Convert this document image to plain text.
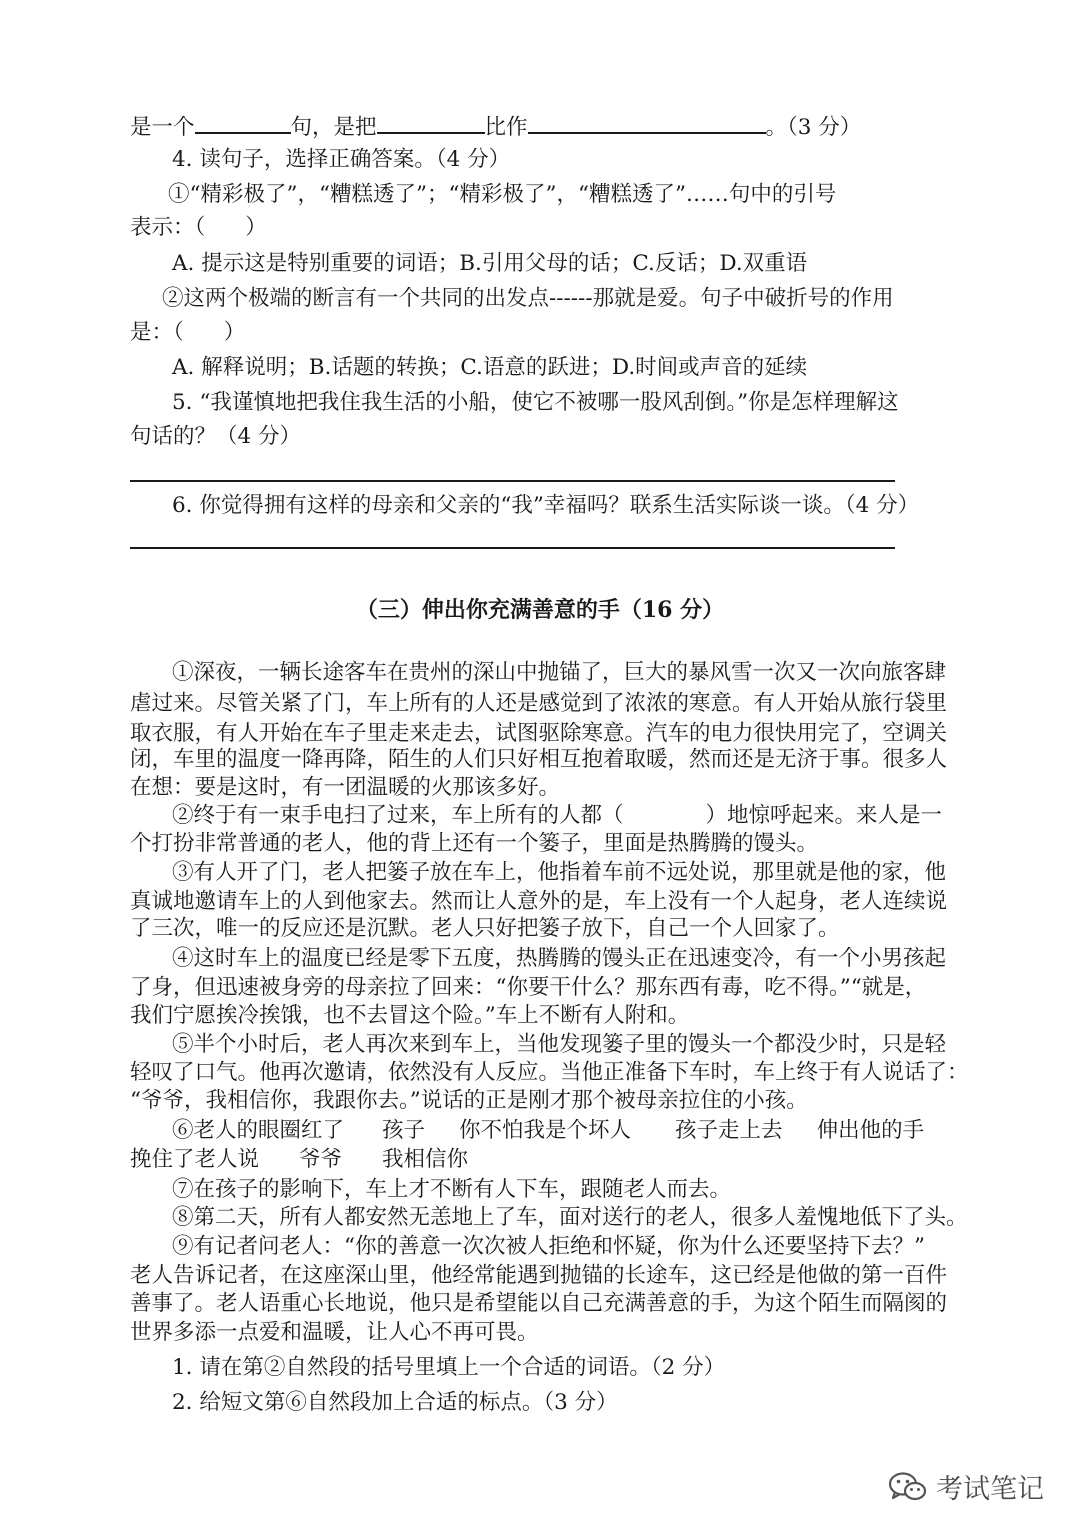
是一个	句，是把	比作	。（3 分）
4. 读句子，选择正确答案。（4 分）
①“精彩极了”，“糟糕透了”；“精彩极了”，“糟糕透了”……句中的引号
表示：（ ）
A. 提示这是特别重要的词语；B.引用父母的话；C.反话；D.双重语
②这两个极端的断言有一个共同的出发点------那就是爱。句子中破折号的作用
是：（ ）
A. 解释说明；B.话题的转换；C.语意的跃进；D.时间或声音的延续
5. “我谨慎地把我住我生活的小船，使它不被哪一股风刮倒。”你是怎样理解这
句话的？（4 分）
6. 你觉得拥有这样的母亲和父亲的“我”幸福吗？联系生活实际谈一谈。（4 分）
（三）伸出你充满善意的手（16 分）
①深夜，一辆长途客车在贵州的深山中抛锚了，巨大的暴风雪一次又一次向旅客肆
虐过来。尽管关紧了门，车上所有的人还是感觉到了浓浓的寒意。有人开始从旅行袋里
取衣服，有人开始在车子里走来走去，试图驱除寒意。汽车的电力很快用完了，空调关
闭，车里的温度一降再降，陌生的人们只好相互抱着取暖，然而还是无济于事。很多人
在想：要是这时，有一团温暖的火那该多好。
②终于有一束手电扫了过来，车上所有的人都（	）地惊呼起来。来人是一
个打扮非常普通的老人，他的背上还有一个篓子，里面是热腾腾的馒头。
③有人开了门，老人把篓子放在车上，他指着车前不远处说，那里就是他的家，他
真诚地邀请车上的人到他家去。然而让人意外的是，车上没有一个人起身，老人连续说
了三次，唯一的反应还是沉默。老人只好把篓子放下，自己一个人回家了。
④这时车上的温度已经是零下五度，热腾腾的馒头正在迅速变冷，有一个小男孩起
了身，但迅速被身旁的母亲拉了回来：“你要干什么？那东西有毒，吃不得。”“就是，
我们宁愿挨冷挨饿，也不去冒这个险。”车上不断有人附和。
⑤半个小时后，老人再次来到车上，当他发现篓子里的馒头一个都没少时，只是轻
轻叹了口气。他再次邀请，依然没有人反应。当他正准备下车时，车上终于有人说话了：
“爷爷，我相信你，我跟你去。”说话的正是刚才那个被母亲拉住的小孩。
⑥老人的眼圈红了 孩子 你不怕我是个坏人 孩子走上去 伸出他的手
挽住了老人说 爷爷 我相信你
⑦在孩子的影响下，车上才不断有人下车，跟随老人而去。
⑧第二天，所有人都安然无恙地上了车，面对送行的老人，很多人羞愧地低下了头。
⑨有记者问老人：“你的善意一次次被人拒绝和怀疑，你为什么还要坚持下去？”
老人告诉记者，在这座深山里，他经常能遇到抛锚的长途车，这已经是他做的第一百件
善事了。老人语重心长地说，他只是希望能以自己充满善意的手，为这个陌生而隔阂的
世界多添一点爱和温暖，让人心不再可畏。
1. 请在第②自然段的括号里填上一个合适的词语。（2 分）
2. 给短文第⑥自然段加上合适的标点。（3 分）
考试笔记
